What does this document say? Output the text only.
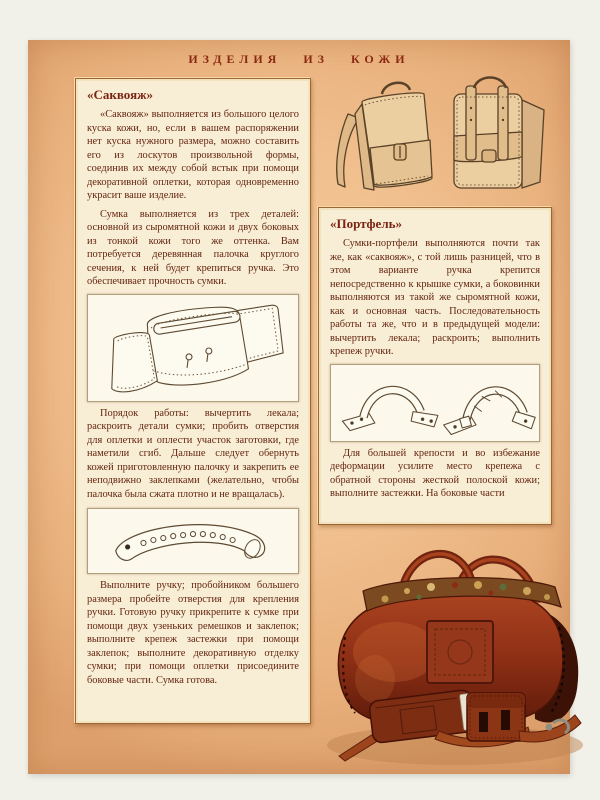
ИЗДЕЛИЯ ИЗ КОЖИ
«Саквояж»

«Саквояж» выполняется из большого целого куска кожи, но, если в вашем распоряжении нет куска нужного размера, можно составить его из лоскутов произвольной формы, соединив их между собой встык при помощи декоративной оплетки, которая одновременно украсит ваше изделие.

Сумка выполняется из трех деталей: основной из сыромятной кожи и двух боковых из тонкой кожи того же оттенка. Вам потребуется деревянная палочка круглого сечения, к ней будет крепиться ручка. Это обеспечивает прочность сумки.

Порядок работы: вычертить лекала; раскроить детали сумки; пробить отверстия для оплетки и оплести участок заготовки, где наметили сгиб. Дальше следует обернуть кожей приготовленную палочку и закрепить ее неподвижно заклепками (желательно, чтобы палочка была сжата плотно и не вращалась).

Выполните ручку; пробойником большего размера пробейте отверстия для крепления ручки. Готовую ручку прикрепите к сумке при помощи двух узеньких ремешков и заклепок; выполните крепеж застежки при помощи заклепок; выполните декоративную отделку сумки; при помощи оплетки присоедините боковые части. Сумка готова.

«Портфель»

Сумки-портфели выполняются почти так же, как «саквояж», с той лишь разницей, что в этом варианте ручка крепится непосредственно к крышке сумки, а боковинки выполняются из такой же сыромятной кожи, как и основная часть. Последовательность работы та же, что и в предыдущей модели: вычертить лекала; раскроить; выполнить крепеж ручки.

Для большей крепости и во избежание деформации усилите место крепежа с обратной стороны жесткой полоской кожи; выполните застежки. На боковые части
